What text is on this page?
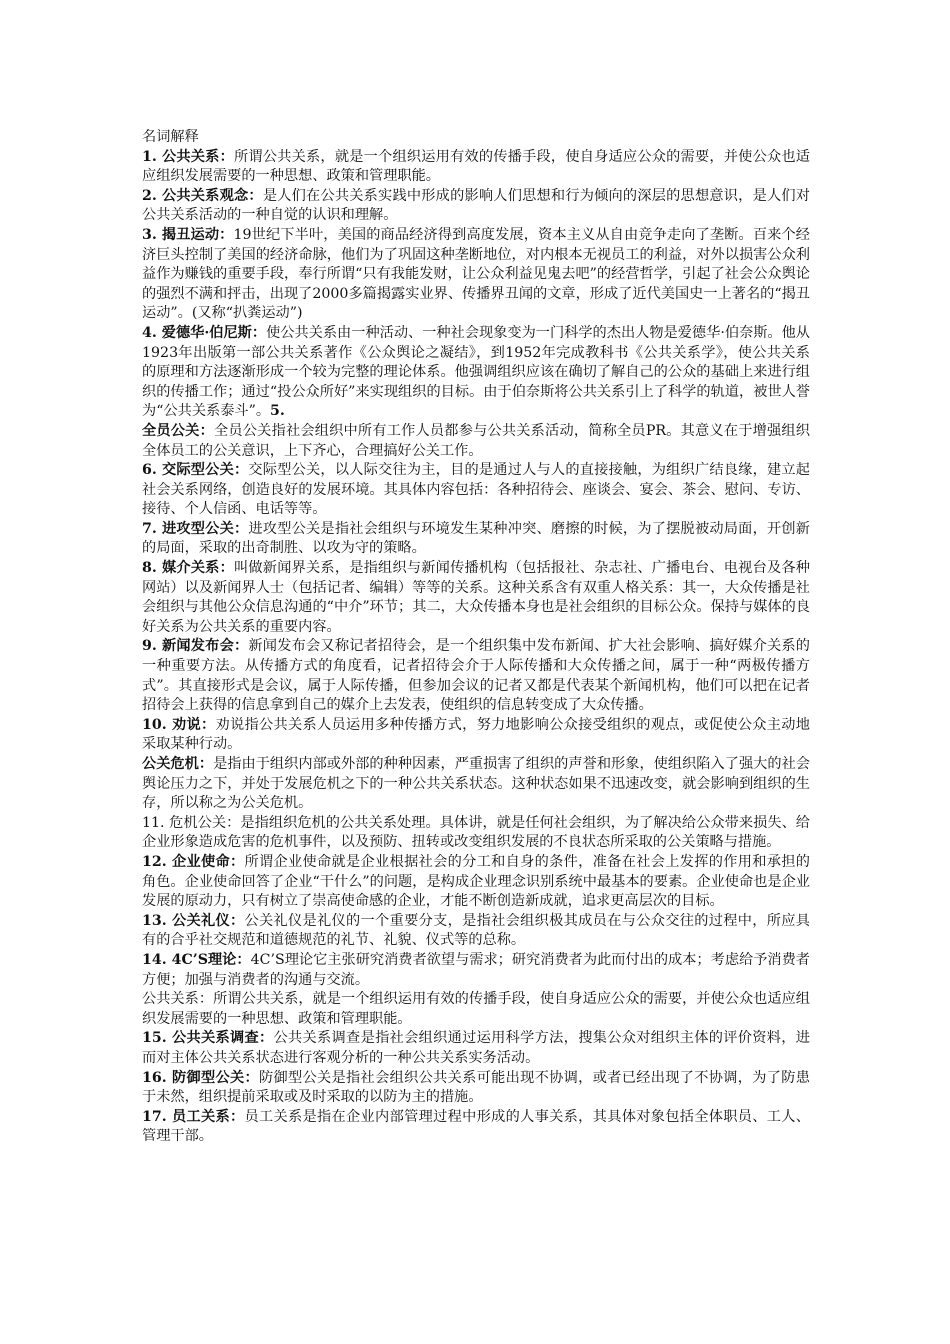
名词解释

1. 公共关系：所谓公共关系，就是一个组织运用有效的传播手段，使自身适应公众的需要，并使公众也适应组织发展需要的一种思想、政策和管理职能。

2. 公共关系观念：是人们在公共关系实践中形成的影响人们思想和行为倾向的深层的思想意识，是人们对公共关系活动的一种自觉的认识和理解。

3. 揭丑运动：19世纪下半叶，美国的商品经济得到高度发展，资本主义从自由竞争走向了垄断。百来个经济巨头控制了美国的经济命脉，他们为了巩固这种垄断地位，对内根本无视员工的利益，对外以损害公众利益作为赚钱的重要手段，奉行所谓“只有我能发财，让公众利益见鬼去吧”的经营哲学，引起了社会公众舆论的强烈不满和抨击，出现了2000多篇揭露实业界、传播界丑闻的文章，形成了近代美国史一上著名的“揭丑运动”。(又称“扒粪运动”)

4. 爱德华·伯尼斯：使公共关系由一种活动、一种社会现象变为一门科学的杰出人物是爱德华·伯奈斯。他从1923年出版第一部公共关系著作《公众舆论之凝结》，到1952年完成教科书《公共关系学》，使公共关系的原理和方法逐渐形成一个较为完整的理论体系。他强调组织应该在确切了解自己的公众的基础上来进行组织的传播工作；通过“投公众所好”来实现组织的目标。由于伯奈斯将公共关系引上了科学的轨道，被世人誉为“公共关系泰斗”。5.

全员公关：全员公关指社会组织中所有工作人员都参与公共关系活动，简称全员PR。其意义在于增强组织全体员工的公关意识，上下齐心，合理搞好公关工作。

6. 交际型公关：交际型公关，以人际交往为主，目的是通过人与人的直接接触，为组织广结良缘，建立起社会关系网络，创造良好的发展环境。其具体内容包括：各种招待会、座谈会、宴会、茶会、慰问、专访、接待、个人信函、电话等等。

7. 进攻型公关：进攻型公关是指社会组织与环境发生某种冲突、磨擦的时候，为了摆脱被动局面，开创新的局面，采取的出奇制胜、以攻为守的策略。

8. 媒介关系：叫做新闻界关系，是指组织与新闻传播机构（包括报社、杂志社、广播电台、电视台及各种网站）以及新闻界人士（包括记者、编辑）等等的关系。这种关系含有双重人格关系：其一，大众传播是社会组织与其他公众信息沟通的“中介”环节；其二，大众传播本身也是社会组织的目标公众。保持与媒体的良好关系为公共关系的重要内容。

9. 新闻发布会：新闻发布会又称记者招待会，是一个组织集中发布新闻、扩大社会影响、搞好媒介关系的一种重要方法。从传播方式的角度看，记者招待会介于人际传播和大众传播之间，属于一种“两极传播方式”。其直接形式是会议，属于人际传播，但参加会议的记者又都是代表某个新闻机构，他们可以把在记者招待会上获得的信息拿到自己的媒介上去发表，使组织的信息转变成了大众传播。

10. 劝说：劝说指公共关系人员运用多种传播方式，努力地影响公众接受组织的观点，或促使公众主动地采取某种行动。

公关危机：是指由于组织内部或外部的种种因素，严重损害了组织的声誉和形象，使组织陷入了强大的社会舆论压力之下，并处于发展危机之下的一种公共关系状态。这种状态如果不迅速改变，就会影响到组织的生存，所以称之为公关危机。

11. 危机公关：是指组织危机的公共关系处理。具体讲，就是任何社会组织，为了解决给公众带来损失、给企业形象造成危害的危机事件，以及预防、扭转或改变组织发展的不良状态所采取的公关策略与措施。

12. 企业使命：所谓企业使命就是企业根据社会的分工和自身的条件，准备在社会上发挥的作用和承担的角色。企业使命回答了企业“干什么”的问题，是构成企业理念识别系统中最基本的要素。企业使命也是企业发展的原动力，只有树立了崇高使命感的企业，才能不断创造新成就，追求更高层次的目标。

13. 公关礼仪：公关礼仪是礼仪的一个重要分支，是指社会组织极其成员在与公众交往的过程中，所应具有的合乎社交规范和道德规范的礼节、礼貌、仪式等的总称。

14. 4C’S理论：4C’S理论它主张研究消费者欲望与需求；研究消费者为此而付出的成本；考虑给予消费者方便；加强与消费者的沟通与交流。

公共关系：所谓公共关系，就是一个组织运用有效的传播手段，使自身适应公众的需要，并使公众也适应组织发展需要的一种思想、政策和管理职能。

15. 公共关系调查：公共关系调查是指社会组织通过运用科学方法，搜集公众对组织主体的评价资料，进而对主体公共关系状态进行客观分析的一种公共关系实务活动。

16. 防御型公关：防御型公关是指社会组织公共关系可能出现不协调，或者已经出现了不协调，为了防患于未然，组织提前采取或及时采取的以防为主的措施。

17. 员工关系：员工关系是指在企业内部管理过程中形成的人事关系，其具体对象包括全体职员、工人、管理干部。
